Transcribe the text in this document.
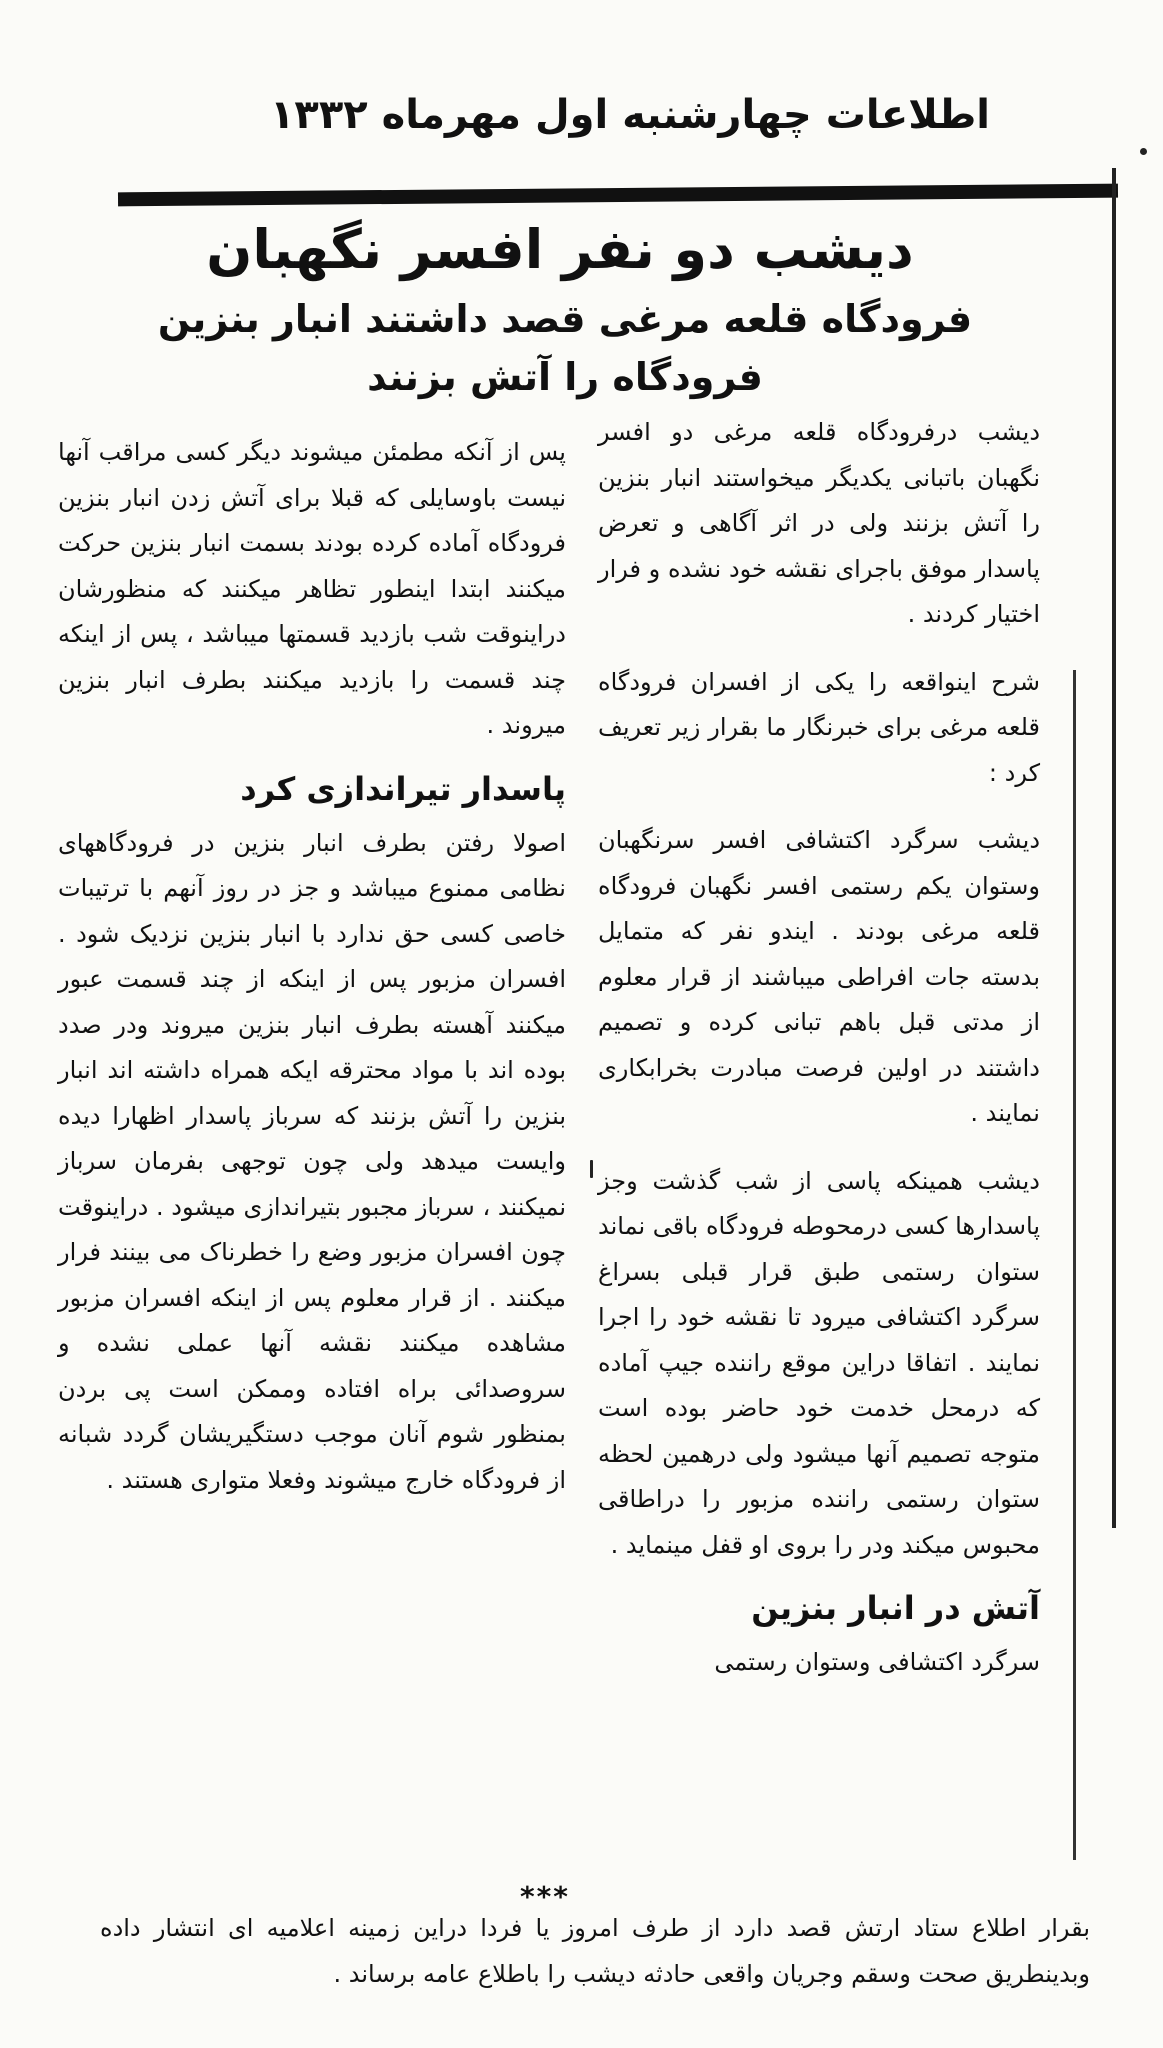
اطلاعات
چهارشنبه اول مهرماه ۱۳۳۲
دیشب دو نفر افسر نگهبان
فرودگاه قلعه مرغی قصد داشتند انبار بنزین فرودگاه را آتش بزنند

دیشب درفرودگاه قلعه مرغی دو افسر نگهبان باتبانی یکدیگر میخواستند انبار بنزین را آتش بزنند ولی در اثر آگاهی و تعرض پاسدار موفق باجرای نقشه خود نشده و فرار اختیار کردند .

شرح اینواقعه را یکی از افسران فرودگاه قلعه مرغی برای خبرنگار ما بقرار زیر تعریف کرد :

دیشب سرگرد اکتشافی افسر سرنگهبان وستوان یکم رستمی افسر نگهبان فرودگاه قلعه مرغی بودند . ایندو نفر که متمایل بدسته جات افراطی میباشند از قرار معلوم از مدتی قبل باهم تبانی کرده و تصمیم داشتند در اولین فرصت مبادرت بخرابکاری نمایند .

دیشب همینکه پاسی از شب گذشت وجز پاسدارها کسی درمحوطه فرودگاه باقی نماند ستوان رستمی طبق قرار قبلی بسراغ سرگرد اکتشافی میرود تا نقشه خود را اجرا نمایند . اتفاقا دراین موقع راننده جیپ آماده که درمحل خدمت خود حاضر بوده است متوجه تصمیم آنها میشود ولی درهمین لحظه ستوان رستمی راننده مزبور را دراطاقی محبوس میکند ودر را بروی او قفل مینماید .

آتش در انبار بنزین

سرگرد اکتشافی وستوان رستمی

پس از آنکه مطمئن میشوند دیگر کسی مراقب آنها نیست باوسایلی که قبلا برای آتش زدن انبار بنزین فرودگاه آماده کرده بودند بسمت انبار بنزین حرکت میکنند ابتدا اینطور تظاهر میکنند که منظورشان دراینوقت شب بازدید قسمتها میباشد ، پس از اینکه چند قسمت را بازدید میکنند بطرف انبار بنزین میروند .

پاسدار تیراندازی کرد

اصولا رفتن بطرف انبار بنزین در فرودگاههای نظامی ممنوع میباشد و جز در روز آنهم با ترتیبات خاصی کسی حق ندارد با انبار بنزین نزدیک شود . افسران مزبور پس از اینکه از چند قسمت عبور میکنند آهسته بطرف انبار بنزین میروند ودر صدد بوده اند با مواد محترقه ایکه همراه داشته اند انبار بنزین را آتش بزنند که سرباز پاسدار اظهارا دیده وایست میدهد ولی چون توجهی بفرمان سرباز نمیکنند ، سرباز مجبور بتیراندازی میشود . دراینوقت چون افسران مزبور وضع را خطرناک می بینند فرار میکنند . از قرار معلوم پس از اینکه افسران مزبور مشاهده میکنند نقشه آنها عملی نشده و سروصدائی براه افتاده وممکن است پی بردن بمنظور شوم آنان موجب دستگیریشان گردد شبانه از فرودگاه خارج میشوند وفعلا متواری هستند .

***

بقرار اطلاع ستاد ارتش قصد دارد از طرف امروز یا فردا دراین زمینه اعلامیه ای انتشار داده وبدینطریق صحت وسقم وجریان واقعی حادثه دیشب را باطلاع عامه برساند .
